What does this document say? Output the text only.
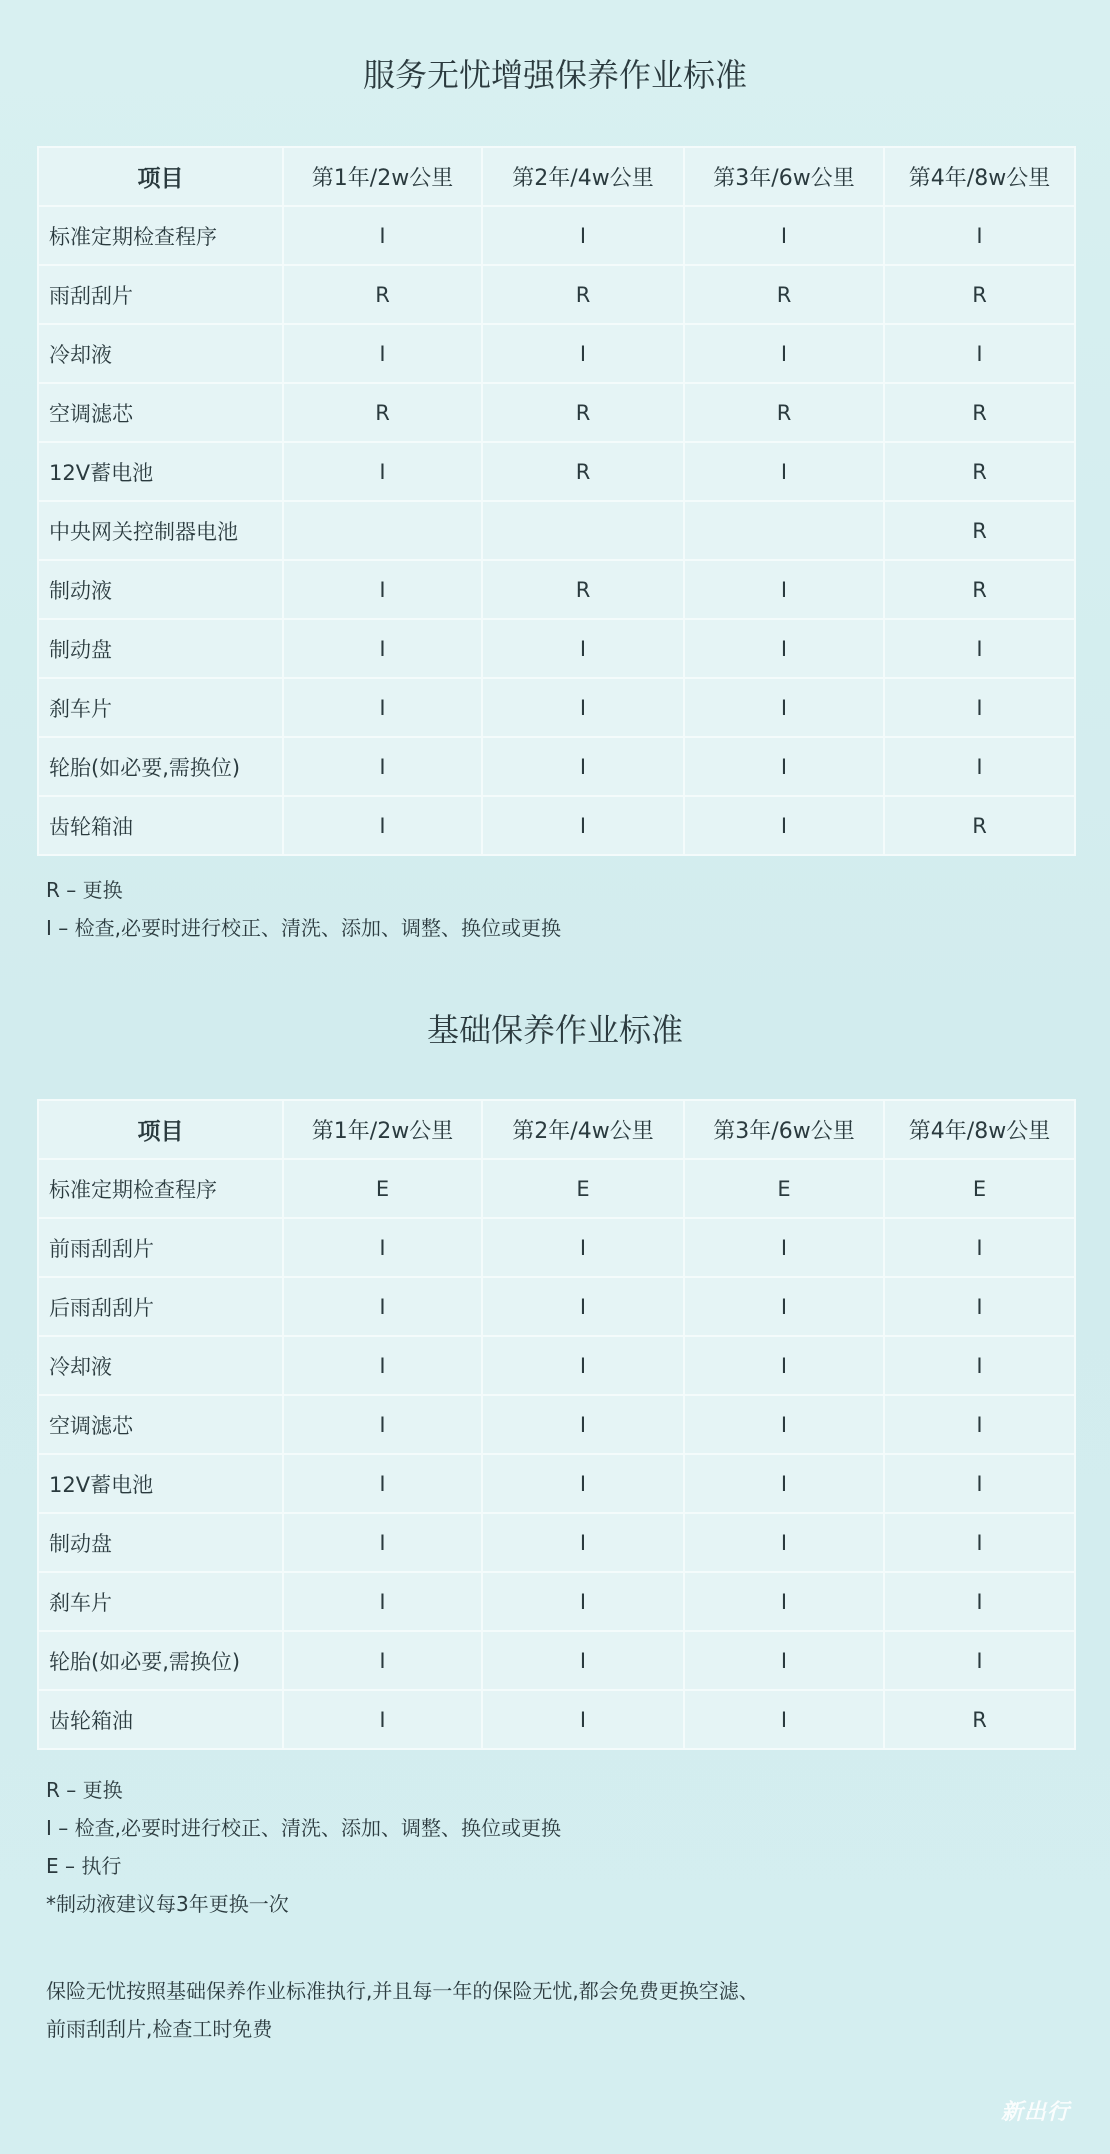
服务无忧增强保养作业标准
项目	第1年/2w公里	第2年/4w公里	第3年/6w公里	第4年/8w公里
标准定期检查程序	I	I	I	I
雨刮刮片	R	R	R	R
冷却液	I	I	I	I
空调滤芯	R	R	R	R
12V蓄电池	I	R	I	R
中央网关控制器电池				R
制动液	I	R	I	R
制动盘	I	I	I	I
刹车片	I	I	I	I
轮胎(如必要,需换位)	I	I	I	I
齿轮箱油	I	I	I	R
R – 更换
I – 检查,必要时进行校正、清洗、添加、调整、换位或更换
基础保养作业标准
项目	第1年/2w公里	第2年/4w公里	第3年/6w公里	第4年/8w公里
标准定期检查程序	E	E	E	E
前雨刮刮片	I	I	I	I
后雨刮刮片	I	I	I	I
冷却液	I	I	I	I
空调滤芯	I	I	I	I
12V蓄电池	I	I	I	I
制动盘	I	I	I	I
刹车片	I	I	I	I
轮胎(如必要,需换位)	I	I	I	I
齿轮箱油	I	I	I	R
R – 更换
I – 检查,必要时进行校正、清洗、添加、调整、换位或更换
E – 执行
*制动液建议每3年更换一次
保险无忧按照基础保养作业标准执行,并且每一年的保险无忧,都会免费更换空滤、
前雨刮刮片,检查工时免费
新出行
